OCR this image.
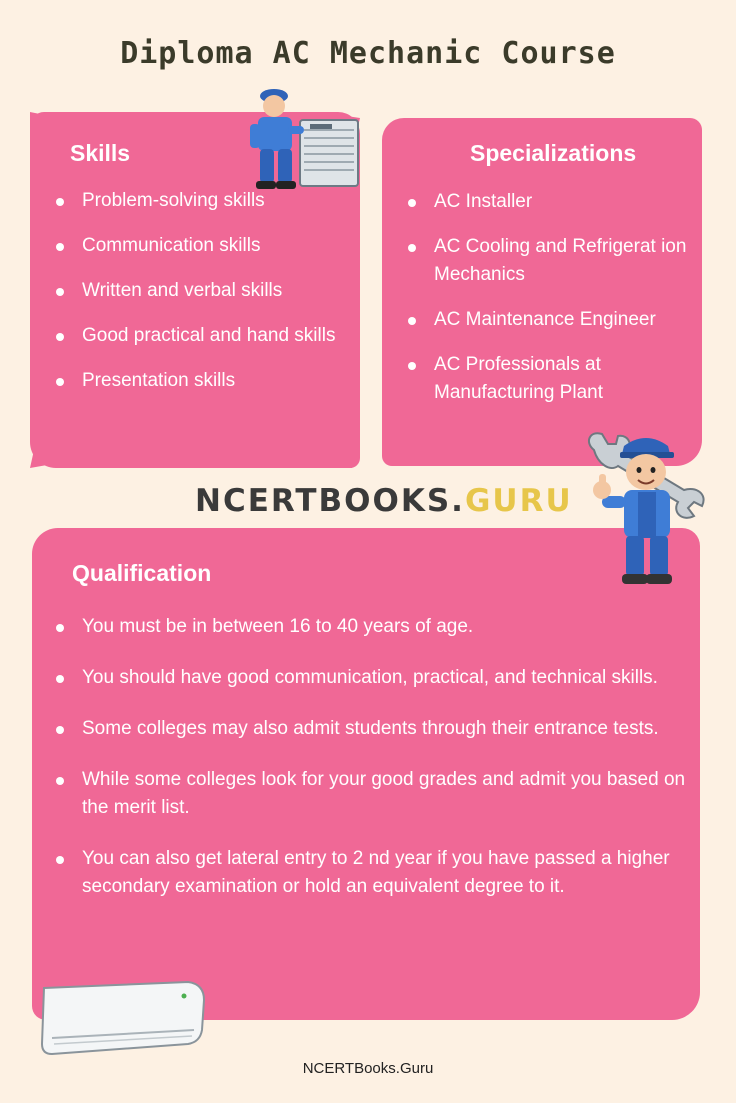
Diploma AC Mechanic Course
Skills
Problem-solving skills
Communication skills
Written and verbal skills
Good practical and hand skills
Presentation skills
Specializations
AC Installer
AC Cooling and Refrigerat ion Mechanics
AC Maintenance Engineer
AC Professionals at Manufacturing Plant
NCERTBOOKS.GURU
Qualification
You must be in between 16 to 40 years of age.
You should have good communication, practical, and technical skills.
Some colleges may also admit students through their entrance tests.
While some colleges look for your good grades and admit you based on the merit list.
You can also get lateral entry to 2 nd year if you have passed a higher secondary examination or hold an equivalent degree to it.
NCERTBooks.Guru
